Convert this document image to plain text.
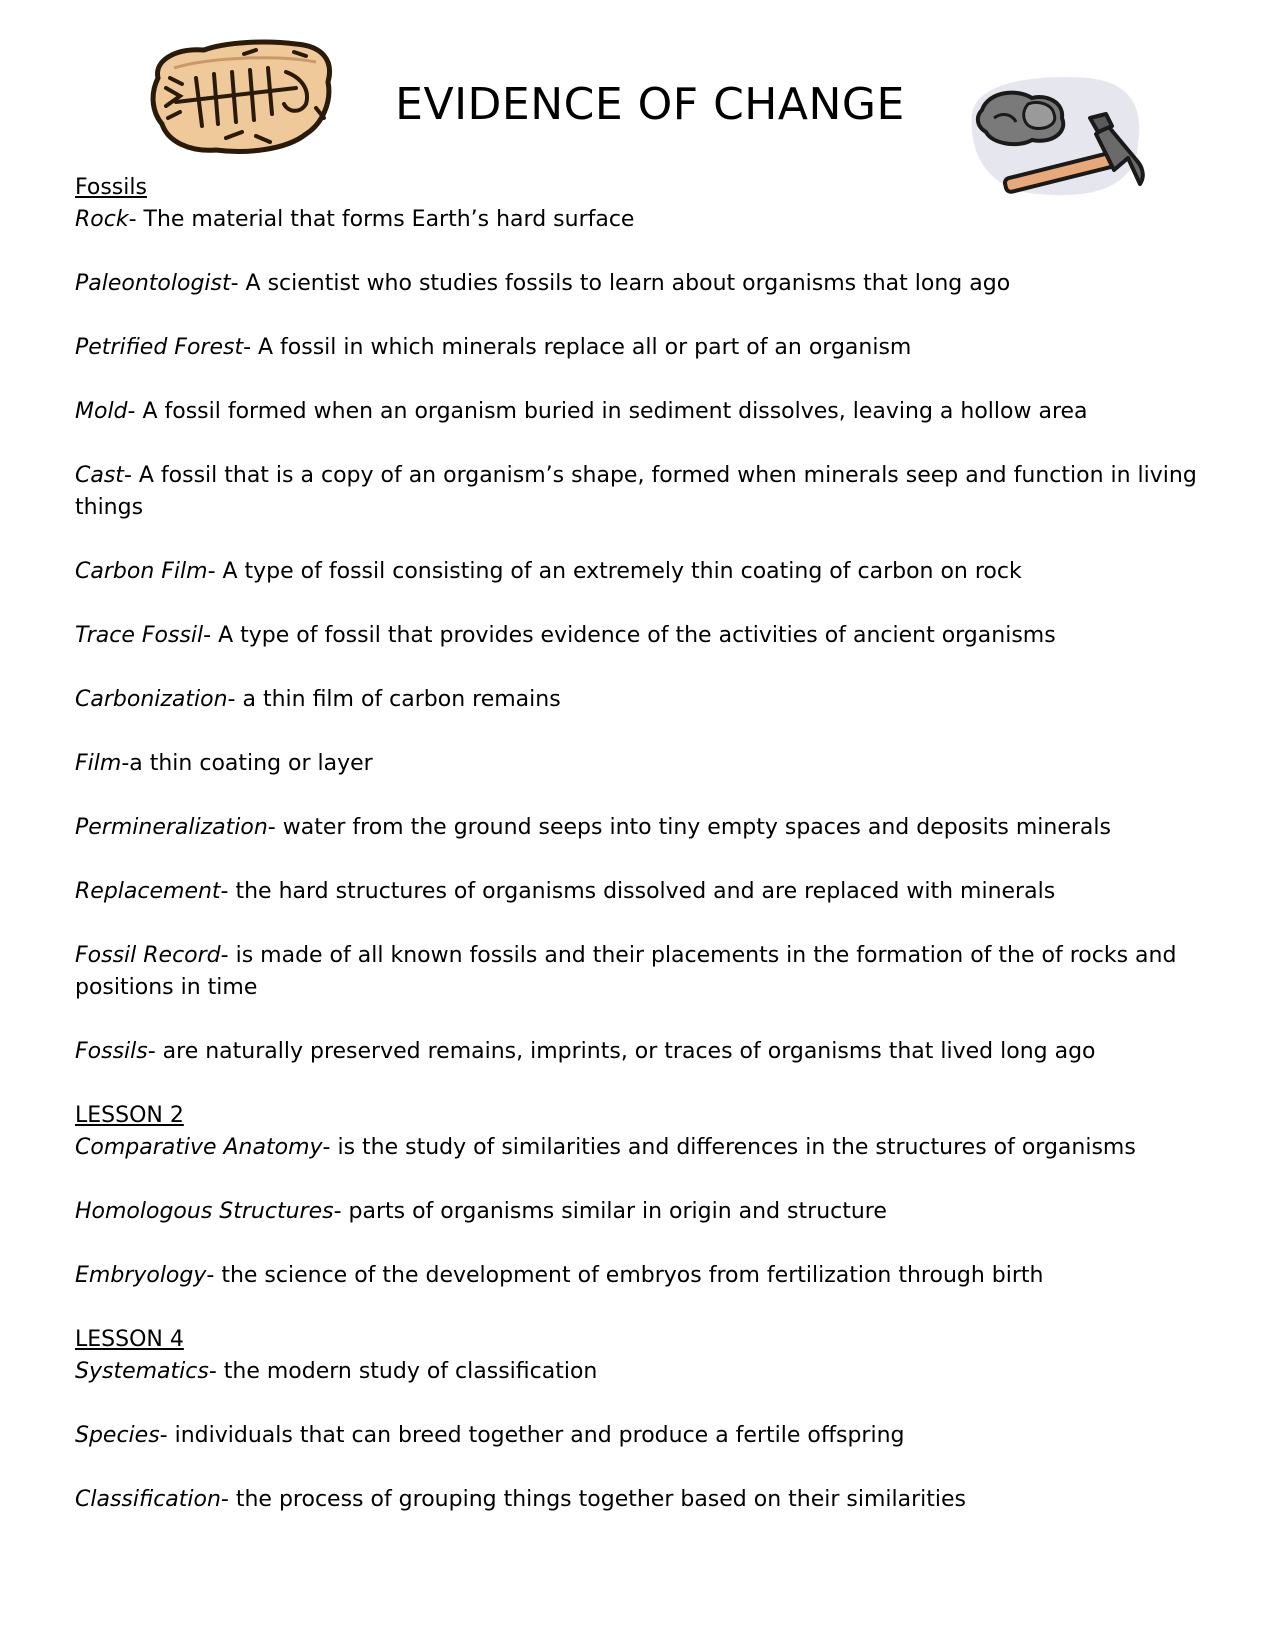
EVIDENCE OF CHANGE
Fossils

Rock- The material that forms Earth’s hard surface

Paleontologist- A scientist who studies fossils to learn about organisms that long ago

Petrified Forest- A fossil in which minerals replace all or part of an organism

Mold- A fossil formed when an organism buried in sediment dissolves, leaving a hollow area

Cast- A fossil that is a copy of an organism’s shape, formed when minerals seep and function in living things

Carbon Film- A type of fossil consisting of an extremely thin coating of carbon on rock

Trace Fossil- A type of fossil that provides evidence of the activities of ancient organisms

Carbonization- a thin film of carbon remains

Film-a thin coating or layer

Permineralization- water from the ground seeps into tiny empty spaces and deposits minerals

Replacement- the hard structures of organisms dissolved and are replaced with minerals

Fossil Record- is made of all known fossils and their placements in the formation of the of rocks and positions in time

Fossils- are naturally preserved remains, imprints, or traces of organisms that lived long ago

LESSON 2

Comparative Anatomy- is the study of similarities and differences in the structures of organisms

Homologous Structures- parts of organisms similar in origin and structure

Embryology- the science of the development of embryos from fertilization through birth

LESSON 4

Systematics- the modern study of classification

Species- individuals that can breed together and produce a fertile offspring

Classification- the process of grouping things together based on their similarities
